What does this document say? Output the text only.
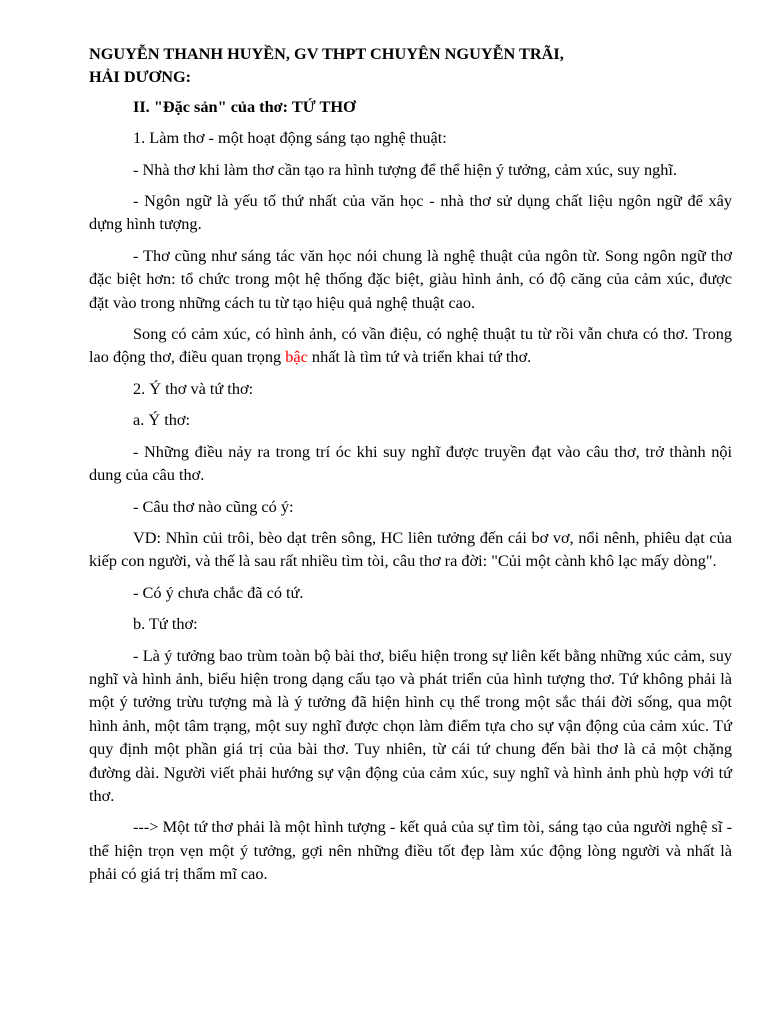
NGUYỄN THANH HUYỀN, GV THPT CHUYÊN NGUYỄN TRÃI,
HẢI DƯƠNG:
II. "Đặc sản" của thơ: TỨ THƠ

1. Làm thơ - một hoạt động sáng tạo nghệ thuật:

- Nhà thơ khi làm thơ cần tạo ra hình tượng để thể hiện ý tưởng, cảm xúc, suy nghĩ.

- Ngôn ngữ là yếu tố thứ nhất của văn học - nhà thơ sử dụng chất liệu ngôn ngữ để xây dựng hình tượng.

- Thơ cũng như sáng tác văn học nói chung là nghệ thuật của ngôn từ. Song ngôn ngữ thơ đặc biệt hơn: tổ chức trong một hệ thống đặc biệt, giàu hình ảnh, có độ căng của cảm xúc, được đặt vào trong những cách tu từ tạo hiệu quả nghệ thuật cao.

Song có cảm xúc, có hình ảnh, có vần điệu, có nghệ thuật tu từ rồi vẫn chưa có thơ. Trong lao động thơ, điều quan trọng bậc nhất là tìm tứ và triển khai tứ thơ.

2. Ý thơ và tứ thơ:

a. Ý thơ:

- Những điều nảy ra trong trí óc khi suy nghĩ được truyền đạt vào câu thơ, trở thành nội dung của câu thơ.

- Câu thơ nào cũng có ý:

VD: Nhìn củi trôi, bèo dạt trên sông, HC liên tưởng đến cái bơ vơ, nổi nênh, phiêu dạt của kiếp con người, và thế là sau rất nhiều tìm tòi, câu thơ ra đời: "Củi một cành khô lạc mấy dòng".

- Có ý chưa chắc đã có tứ.

b. Tứ thơ:

- Là ý tưởng bao trùm toàn bộ bài thơ, biểu hiện trong sự liên kết bằng những xúc cảm, suy nghĩ và hình ảnh, biểu hiện trong dạng cấu tạo và phát triển của hình tượng thơ. Tứ không phải là một ý tưởng trừu tượng mà là ý tưởng đã hiện hình cụ thể trong một sắc thái đời sống, qua một hình ảnh, một tâm trạng, một suy nghĩ được chọn làm điểm tựa cho sự vận động của cảm xúc. Tứ quy định một phần giá trị của bài thơ. Tuy nhiên, từ cái tứ chung đến bài thơ là cả một chặng đường dài. Người viết phải hướng sự vận động của cảm xúc, suy nghĩ và hình ảnh phù hợp với tứ thơ.

---> Một tứ thơ phải là một hình tượng - kết quả của sự tìm tòi, sáng tạo của người nghệ sĩ - thể hiện trọn vẹn một ý tưởng, gợi nên những điều tốt đẹp làm xúc động lòng người và nhất là phải có giá trị thẩm mĩ cao.
